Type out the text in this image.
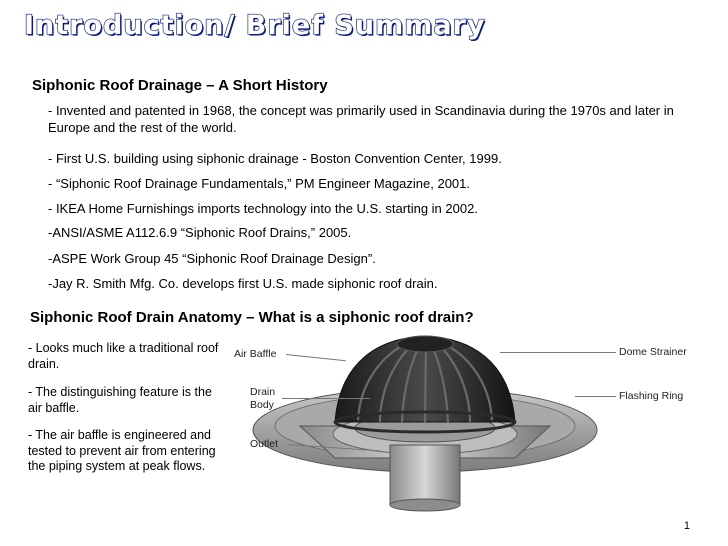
Introduction/ Brief Summary
Siphonic Roof Drainage – A Short History
- Invented and patented in 1968, the concept was primarily used in Scandinavia during the 1970s and later in Europe and the rest of the world.
- First U.S. building using siphonic drainage - Boston Convention Center, 1999.
- “Siphonic Roof Drainage Fundamentals,” PM Engineer Magazine, 2001.
- IKEA Home Furnishings imports technology into the U.S. starting in 2002.
-ANSI/ASME A112.6.9 “Siphonic Roof Drains,” 2005.
-ASPE Work Group 45 “Siphonic Roof Drainage Design”.
-Jay R. Smith Mfg. Co. develops first U.S. made siphonic roof drain.
Siphonic Roof Drain Anatomy – What is a siphonic roof drain?
- Looks much like a traditional roof drain.
- The distinguishing feature is the air baffle.
- The air baffle is engineered and tested to prevent air from entering the piping system at peak flows.
Air Baffle
Drain
Body
Outlet
Dome Strainer
Flashing Ring
1
